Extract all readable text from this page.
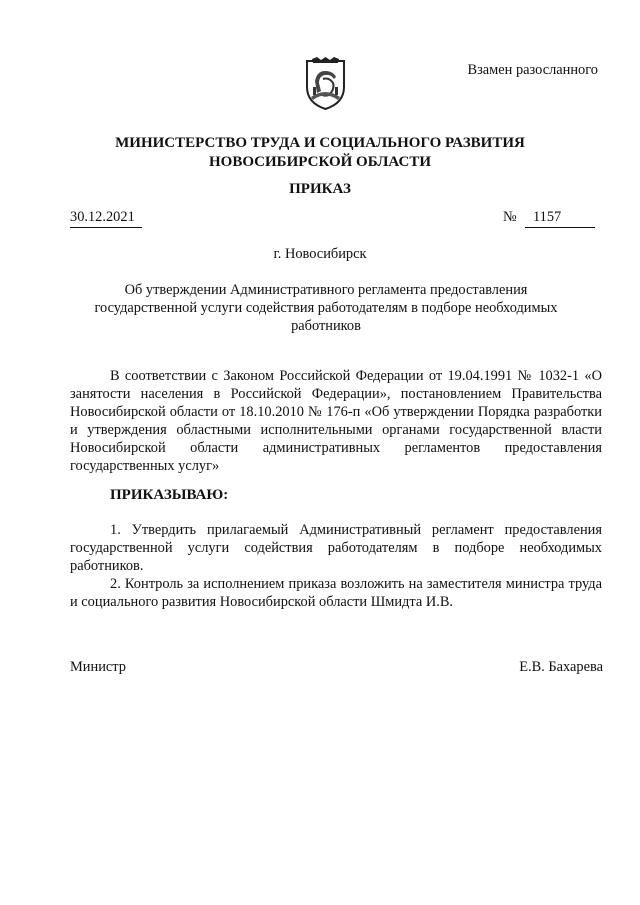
Взамен разосланного
МИНИСТЕРСТВО ТРУДА И СОЦИАЛЬНОГО РАЗВИТИЯ
НОВОСИБИРСКОЙ ОБЛАСТИ
ПРИКАЗ
30.12.2021	№	1157
г. Новосибирск
Об утверждении Административного регламента предоставления государственной услуги содействия работодателям в подборе необходимых работников
В соответствии с Законом Российской Федерации от 19.04.1991 № 1032-1 «О занятости населения в Российской Федерации», постановлением Правительства Новосибирской области от 18.10.2010 № 176-п «Об утверждении Порядка разработки и утверждения областными исполнительными органами государственной власти Новосибирской области административных регламентов предоставления государственных услуг»
ПРИКАЗЫВАЮ:
1. Утвердить прилагаемый Административный регламент предоставления государственной услуги содействия работодателям в подборе необходимых работников.
2. Контроль за исполнением приказа возложить на заместителя министра труда и социального развития Новосибирской области Шмидта И.В.
Министр	Е.В. Бахарева
